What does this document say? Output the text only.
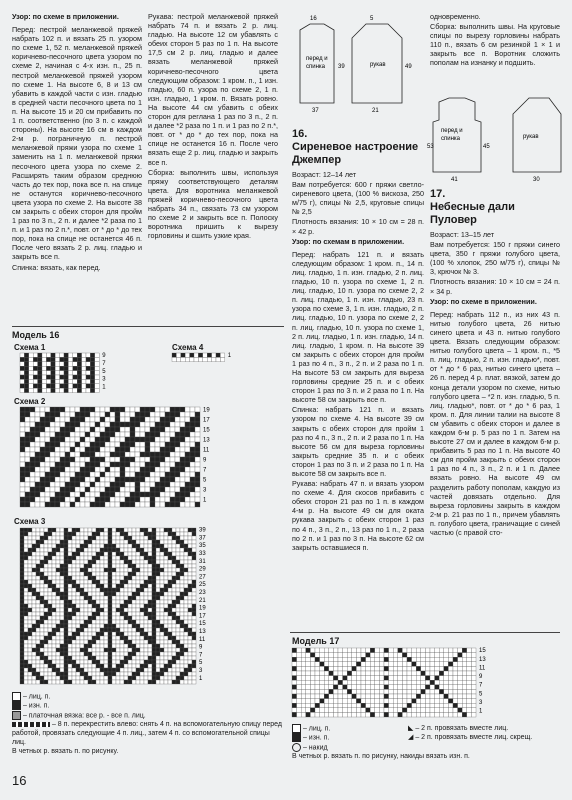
Узор: по схеме в приложении.

Перед: пестрой меланжевой пряжей набрать 102 п. и вязать 25 п. узором по схеме 1, 52 п. меланжевой пряжей коричнево-песочного цвета узором по схеме 2, начиная с 4-х изн. п., 25 п. пестрой меланжевой пряжей узором по схеме 1. На высоте 6, 8 и 13 см убавить в каждой части с изн. гладью в средней части песочного цвета по 1 п. На высоте 15 и 20 см прибавить по 1 п. соответственно (по 3 п. с каждой стороны). На высоте 16 см в каждом 2-м р. пограничную п. пестрой меланжевой пряжи узора по схеме 1 заменить на 1 п. меланжевой пряжи песочного цвета узора по схеме 2. Расширять таким образом среднюю часть до тех пор, пока все п. на спице не останутся коричнево-песочного цвета узора по схеме 2. На высоте 38 см закрыть с обеих сторон для пройм 1 раз по 3 п., 2 п. и далее *2 раза по 1 п. и 1 раз по 2 п.*, повт. от * до * до тех пор, пока на спице не останется 46 п. После чего вязать 2 р. лиц. гладью и закрыть все п.

Спинка: вязать, как перед.

Рукава: пестрой меланжевой пряжей набрать 74 п. и вязать 2 р. лиц. гладью. На высоте 12 см убавлять с обеих сторон 5 раз по 1 п. На высоте 17,5 см 2 р. лиц. гладью и далее вязать меланжевой пряжей коричнево-песочного цвета следующим образом: 1 кром. п., 1 изн. гладью, 60 п. узора по схеме 2, 1 п. изн. гладью, 1 кром. п. Вязать ровно. На высоте 44 см убавить с обеих сторон для реглана 1 раз по 3 п., 2 п. и далее *2 раза по 1 п. и 1 раз по 2 п.*, повт. от * до * до тех пор, пока на спице не останется 16 п. После чего вязать еще 2 р. лиц. гладью и закрыть все п.

Сборка: выполнить швы, используя пряжу соответствующего деталям цвета. Для воротника меланжевой пряжей коричнево-песочного цвета набрать 34 п., связать 73 см узором по схеме 2 и закрыть все п. Полоску воротника пришить к вырезу горловины и сшить узкие края.

перед и
спинка	рукав
16	5
37	21
39	49

16.

Сиреневое настроение

Джемпер

Возраст: 12–14 лет

Вам потребуется: 600 г пряжи светло-сиреневого цвета, (100 % вискоза, 250 м/75 г), спицы № 2,5, круговые спицы № 2,5

Плотность вязания: 10 × 10 см = 28 п. × 42 р.

Узор: по схемам в приложении.

Перед: набрать 121 п. и вязать следующим образом: 1 кром. п., 14 п. лиц. гладью, 1 п. изн. гладью, 2 п. лиц. гладью, 10 п. узора по схеме 1, 2 п. лиц. гладью, 10 п. узора по схеме 2, 2 п. лиц. гладью, 1 п. изн. гладью, 23 п. узора по схеме 3, 1 п. изн. гладью, 2 п. лиц. гладью, 10 п. узора по схеме 2, 2 п. лиц. гладью, 10 п. узора по схеме 1, 2 п. лиц. гладью, 1 п. изн. гладью, 14 п. лиц. гладью, 1 кром. п. На высоте 39 см закрыть с обеих сторон для пройм 1 раз по 4 п., 3 п., 2 п. и 2 раза по 1 п. На высоте 53 см закрыть для выреза горловины средние 25 п. и с обеих сторон 1 раз по 3 п. и 2 раза по 1 п. На высоте 58 см закрыть все п.

Спинка: набрать 121 п. и вязать узором по схеме 4. На высоте 39 см закрыть с обеих сторон для пройм 1 раз по 4 п., 3 п., 2 п. и 2 раза по 1 п. На высоте 56 см для выреза горловины закрыть средние 35 п. и с обеих сторон 1 раз по 3 п. и 2 раза по 1 п. На высоте 58 см закрыть все п.

Рукава: набрать 47 п. и вязать узором по схеме 4. Для скосов прибавить с обеих сторон 21 раз по 1 п. в каждом 4-м р. На высоте 49 см для оката рукава закрыть с обеих сторон 1 раз по 4 п., 3 п., 2 п., 13 раз по 1 п., 2 раза по 2 п. и 1 раз по 3 п. На высоте 62 см закрыть оставшиеся п.

одновременно.

Сборка: выполнить швы. На круговые спицы по вырезу горловины набрать 110 п., вязать 6 см резинкой 1 × 1 и закрыть все п. Воротник сложить пополам на изнанку и подшить.

перед и
спинка	рукав
41	30
45
53

17.

Небесные дали

Пуловер

Возраст: 13–15 лет

Вам потребуется: 150 г пряжи синего цвета, 350 г пряжи голубого цвета, (100 % хлопок, 250 м/75 г), спицы № 3, крючок № 3.

Плотность вязания: 10 × 10 см = 24 п. × 34 р.

Узор: по схеме в приложении.

Перед: набрать 112 п., из них 43 п. нитью голубого цвета, 26 нитью синего цвета и 43 п. нитью голубого цвета. Вязать следующим образом: нитью голубого цвета – 1 кром. п., *5 п. лиц. гладью, 2 п. изн. гладью*, повт. от * до * 6 раз, нитью синего цвета – 26 п. перед 4 р. плат. вязкой, затем до конца детали узором по схеме, нитью голубого цвета – *2 п. изн. гладью, 5 п. лиц. гладью*, повт. от * до * 6 раз, 1 кром. п. Для линии талии на высоте 8 см убавить с обеих сторон и далее в каждом 6-м р. 5 раз по 1 п. Затем на высоте 27 см и далее в каждом 6-м р. прибавить 5 раз по 1 п. На высоте 40 см для пройм закрыть с обеих сторон 1 раз по 4 п., 3 п., 2 п. и 1 п. Далее вязать ровно. На высоте 49 см разделить работу пополам, каждую из частей довязать отдельно. Для выреза горловины закрыть в каждом 2-м р. 21 раз по 1 п., причем убавлять п. голубого цвета, граничащие с синей частью (с правой сто-

Модель 16
Схема 1	Схема 4
Схема 2
Схема 3
9
7
5
3
1
1
19
17
15
13
11
9
7
5
3
1
39
37
35
33
31
29
27
25
23
21
19
17
15
13
11
9
7
5
3
1
– лиц. п.
– изн. п.
– платочная вязка: все р. - все п. лиц.
– 8 п. перекрестить влево: снять 4 п. на вспомогательную спицу перед работой, провязать следующие 4 п. лиц., затем 4 п. со вспомогательной спицы лиц.
В четных р. вязать п. по рисунку.
Модель 17
15
13
11
9
7
5
3
1
– лиц. п.
– изн. п.
– накид
◣ – 2 п. провязать вместе лиц.
◢ – 2 п. провязать вместе лиц. скрещ.
В четных р. вязать п. по рисунку, накиды вязать изн. п.
16
